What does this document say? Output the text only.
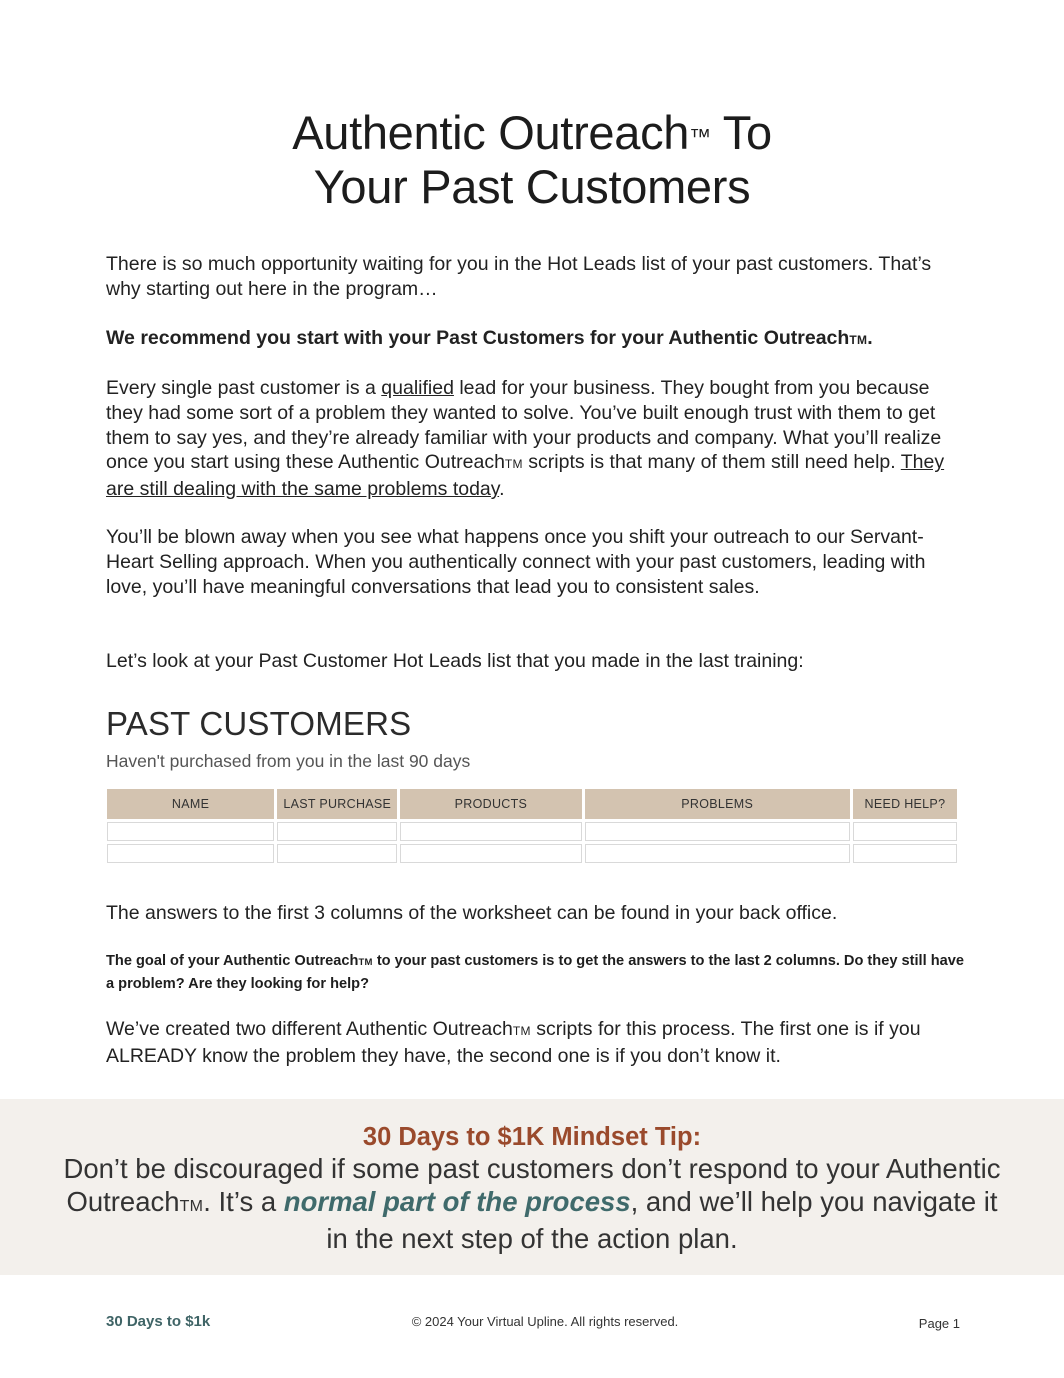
Authentic Outreach™ To
Your Past Customers

There is so much opportunity waiting for you in the Hot Leads list of your past customers. That’s why starting out here in the program…

We recommend you start with your Past Customers for your Authentic OutreachTM.

Every single past customer is a qualified lead for your business. They bought from you because they had some sort of a problem they wanted to solve. You’ve built enough trust with them to get them to say yes, and they’re already familiar with your products and company. What you’ll realize once you start using these Authentic OutreachTM scripts is that many of them still need help. They are still dealing with the same problems today.

You’ll be blown away when you see what happens once you shift your outreach to our Servant-Heart Selling approach. When you authentically connect with your past customers, leading with love, you’ll have meaningful conversations that lead you to consistent sales.

Let’s look at your Past Customer Hot Leads list that you made in the last training:

PAST CUSTOMERS
Haven't purchased from you in the last 90 days
NAME	LAST PURCHASE	PRODUCTS	PROBLEMS	NEED HELP?

The answers to the first 3 columns of the worksheet can be found in your back office.

The goal of your Authentic OutreachTM to your past customers is to get the answers to the last 2 columns. Do they still have a problem? Are they looking for help?

We’ve created two different Authentic OutreachTM scripts for this process. The first one is if you ALREADY know the problem they have, the second one is if you don’t know it.

30 Days to $1K Mindset Tip:

Don’t be discouraged if some past customers don’t respond to your Authentic OutreachTM. It’s a normal part of the process, and we’ll help you navigate it in the next step of the action plan.

30 Days to $1k	© 2024 Your Virtual Upline. All rights reserved.	Page 1
